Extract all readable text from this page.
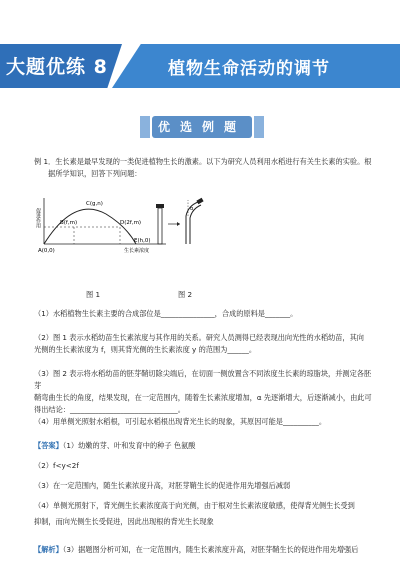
大题优练 8	植物生命活动的调节
优选例题
例 1．生长素是最早发现的一类促进植物生长的激素。以下为研究人员利用水稻进行有关生长素的实验。根
据所学知识，回答下列问题：
促进作用
C(g,n)
B(f,m)	D(2f,m)
E(h,0)
A(0,0)	生长素浓度
图 1
α
图 2
（1）水稻植物生长素主要的合成部位是_______________，合成的原料是_______。
（2）图 1 表示水稻幼苗生长素浓度与其作用的关系。研究人员测得已经表现出向光性的水稻幼苗，其向
光侧的生长素浓度为 f，则其背光侧的生长素浓度 y 的范围为______。
（3）图 2 表示将水稻幼苗的胚芽鞘切除尖端后，在切面一侧放置含不同浓度生长素的琼脂块，并测定各胚芽
鞘弯曲生长的角度，结果发现，在一定范围内，随着生长素浓度增加，α 先逐渐增大，后逐渐减小，由此可
得出结论：______________________________。
（4）用单侧光照射水稻根，可引起水稻根出现背光生长的现象，其原因可能是__________。
【答案】（1）幼嫩的芽、叶和发育中的种子 色氨酸
（2）f<y<2f
（3）在一定范围内，随生长素浓度升高，对胚芽鞘生长的促进作用先增强后减弱
（4）单侧光照射下，背光侧生长素浓度高于向光侧，由于根对生长素浓度敏感，使得背光侧生长受到
抑制，而向光侧生长受促进，因此出现根的背光生长现象
【解析】（3）据题图分析可知，在一定范围内，随生长素浓度升高，对胚芽鞘生长的促进作用先增强后
